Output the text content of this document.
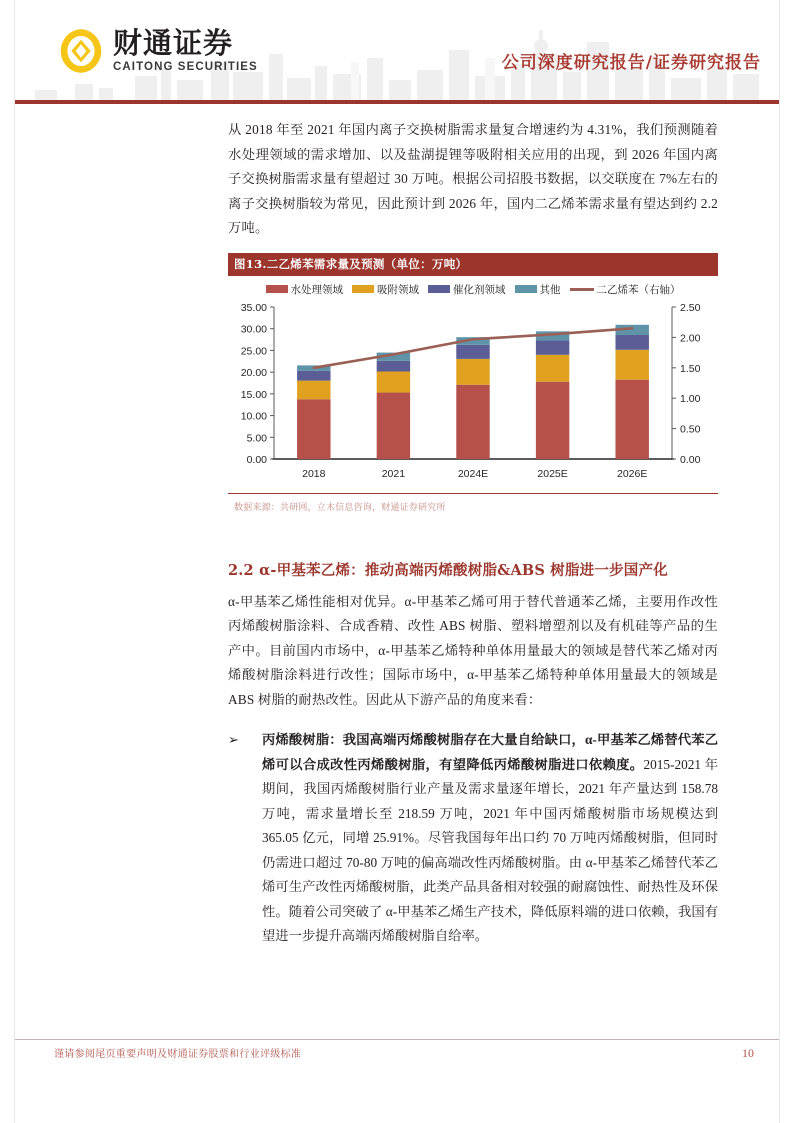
财通证券
CAITONG SECURITIES	公司深度研究报告/证券研究报告

从 2018 年至 2021 年国内离子交换树脂需求量复合增速约为 4.31%，我们预测随着水处理领域的需求增加、以及盐湖提锂等吸附相关应用的出现，到 2026 年国内离子交换树脂需求量有望超过 30 万吨。根据公司招股书数据，以交联度在 7%左右的离子交换树脂较为常见，因此预计到 2026 年，国内二乙烯苯需求量有望达到约 2.2 万吨。

图13.二乙烯苯需求量及预测（单位：万吨）
水处理领域	吸附领域	催化剂领域	其他	二乙烯苯（右轴）
0.00
5.00
10.00
15.00
20.00
25.00
30.00
35.00
0.00
0.50
1.00
1.50
2.00
2.50
2018	2021	2024E	2025E	2026E
数据来源：共研网，立木信息咨询，财通证券研究所
2.2 α-甲基苯乙烯：推动高端丙烯酸树脂&ABS 树脂进一步国产化

α-甲基苯乙烯性能相对优异。α-甲基苯乙烯可用于替代普通苯乙烯，主要用作改性丙烯酸树脂涂料、合成香精、改性 ABS 树脂、塑料增塑剂以及有机硅等产品的生产中。目前国内市场中，α-甲基苯乙烯特种单体用量最大的领域是替代苯乙烯对丙烯酸树脂涂料进行改性；国际市场中，α-甲基苯乙烯特种单体用量最大的领域是 ABS 树脂的耐热改性。因此从下游产品的角度来看：

➢	丙烯酸树脂：我国高端丙烯酸树脂存在大量自给缺口，α-甲基苯乙烯替代苯乙烯可以合成改性丙烯酸树脂，有望降低丙烯酸树脂进口依赖度。2015-2021 年期间，我国丙烯酸树脂行业产量及需求量逐年增长，2021 年产量达到 158.78 万吨，需求量增长至 218.59 万吨，2021 年中国丙烯酸树脂市场规模达到 365.05 亿元，同增 25.91%。尽管我国每年出口约 70 万吨丙烯酸树脂，但同时仍需进口超过 70-80 万吨的偏高端改性丙烯酸树脂。由 α-甲基苯乙烯替代苯乙烯可生产改性丙烯酸树脂，此类产品具备相对较强的耐腐蚀性、耐热性及环保性。随着公司突破了 α-甲基苯乙烯生产技术，降低原料端的进口依赖，我国有望进一步提升高端丙烯酸树脂自给率。
谨请参阅尾页重要声明及财通证券股票和行业评级标准	10
